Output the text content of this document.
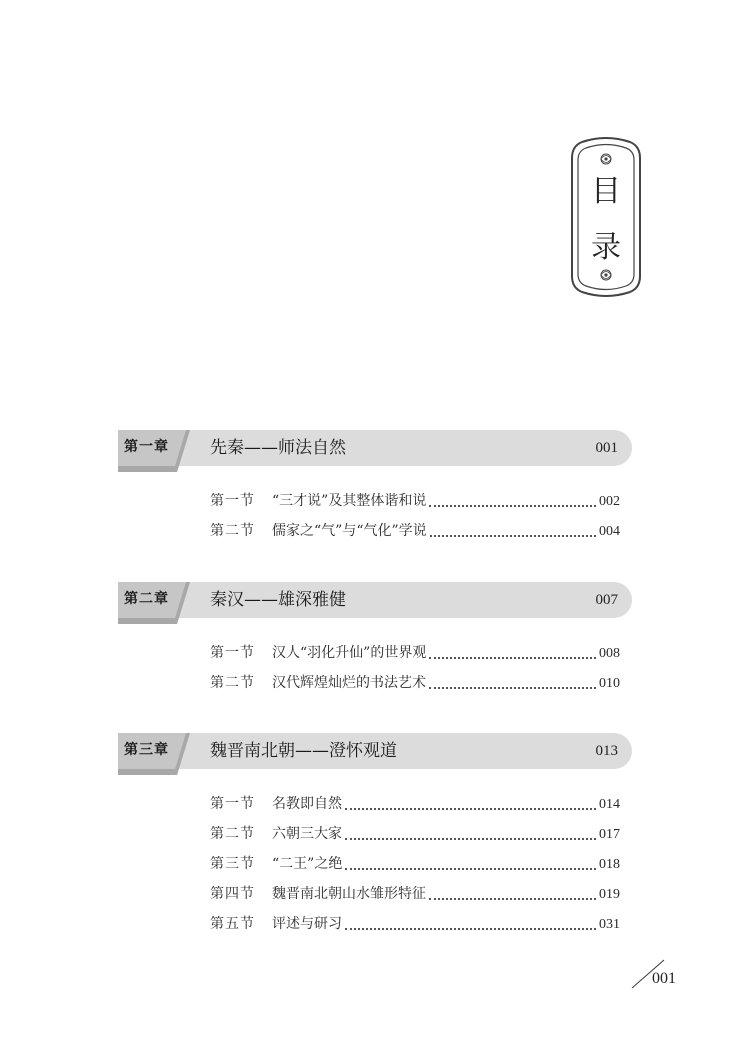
目
录
第一章	先秦——师法自然	001
第一节	“三才说”及其整体谐和说	002
第二节	儒家之“气”与“气化”学说	004
第二章	秦汉——雄深雅健	007
第一节	汉人“羽化升仙”的世界观	008
第二节	汉代辉煌灿烂的书法艺术	010
第三章	魏晋南北朝——澄怀观道	013
第一节	名教即自然	014
第二节	六朝三大家	017
第三节	“二王”之绝	018
第四节	魏晋南北朝山水雏形特征	019
第五节	评述与研习	031
001
